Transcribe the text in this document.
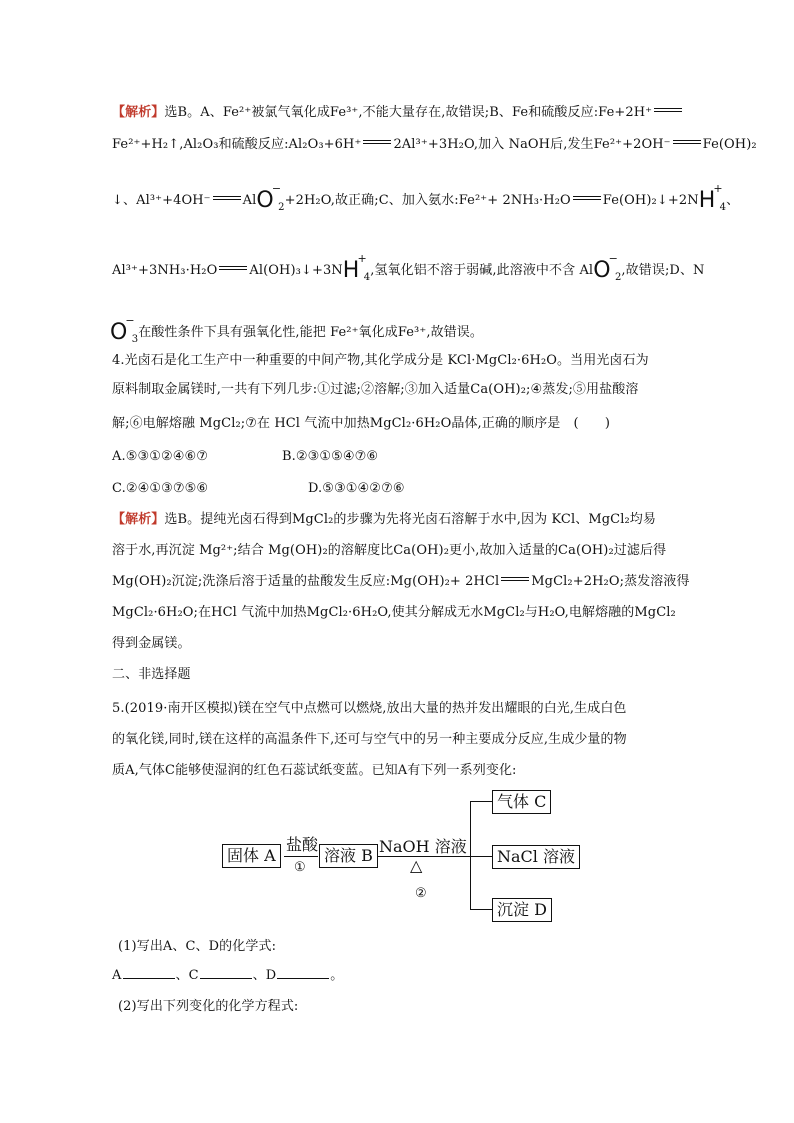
【解析】选B。A、Fe²⁺被氯气氧化成Fe³⁺,不能大量存在,故错误;B、Fe和硫酸反应:Fe+2H⁺
Fe²⁺+H₂↑,Al₂O₃和硫酸反应:Al₂O₃+6H⁺ 2Al³⁺+3H₂O,加入 NaOH后,发生Fe²⁺+2OH⁻ Fe(OH)₂
↓、Al³⁺+4OH⁻ AlO−$_2$+2H₂O,故正确;C、加入氨水:Fe²⁺+ 2NH₃·H₂O $Fe(OH)_2↓+2NH^+_4$、
Al³⁺+3NH₃·H₂O $Al(OH)_3↓+3NH^+_4$,氢氧化铝不溶于弱碱,此溶液中不含 AlO−$_2$,故错误;D、N
$O^-_3$在酸性条件下具有强氧化性,能把 Fe²⁺氧化成Fe³⁺,故错误。
4.光卤石是化工生产中一种重要的中间产物,其化学成分是 KCl·MgCl₂·6H₂O。当用光卤石为
原料制取金属镁时,一共有下列几步:①过滤;②溶解;③加入适量Ca(OH)₂;④蒸发;⑤用盐酸溶
解;⑥电解熔融 MgCl₂;⑦在 HCl 气流中加热MgCl₂·6H₂O晶体,正确的顺序是　(　　)
A.⑤③①②④⑥⑦	B.②③①⑤④⑦⑥
C.②④①③⑦⑤⑥	D.⑤③①④②⑦⑥
【解析】选B。提纯光卤石得到MgCl₂的步骤为先将光卤石溶解于水中,因为 KCl、MgCl₂均易
溶于水,再沉淀 Mg²⁺;结合 Mg(OH)₂的溶解度比Ca(OH)₂更小,故加入适量的Ca(OH)₂过滤后得
Mg(OH)₂沉淀;洗涤后溶于适量的盐酸发生反应:Mg(OH)₂+ 2HCl MgCl₂+2H₂O;蒸发溶液得
MgCl₂·6H₂O;在HCl 气流中加热MgCl₂·6H₂O,使其分解成无水MgCl₂与H₂O,电解熔融的MgCl₂
得到金属镁。
二、非选择题
5.(2019·南开区模拟)镁在空气中点燃可以燃烧,放出大量的热并发出耀眼的白光,生成白色
的氧化镁,同时,镁在这样的高温条件下,还可与空气中的另一种主要成分反应,生成少量的物
质A,气体C能够使湿润的红色石蕊试纸变蓝。已知A有下列一系列变化:
固体 A
盐酸
①
溶液 B NaOH 溶液
△
②
气体 C
NaCl 溶液
沉淀 D
(1)写出A、C、D的化学式:
A	、C	、D	。
(2)写出下列变化的化学方程式:
